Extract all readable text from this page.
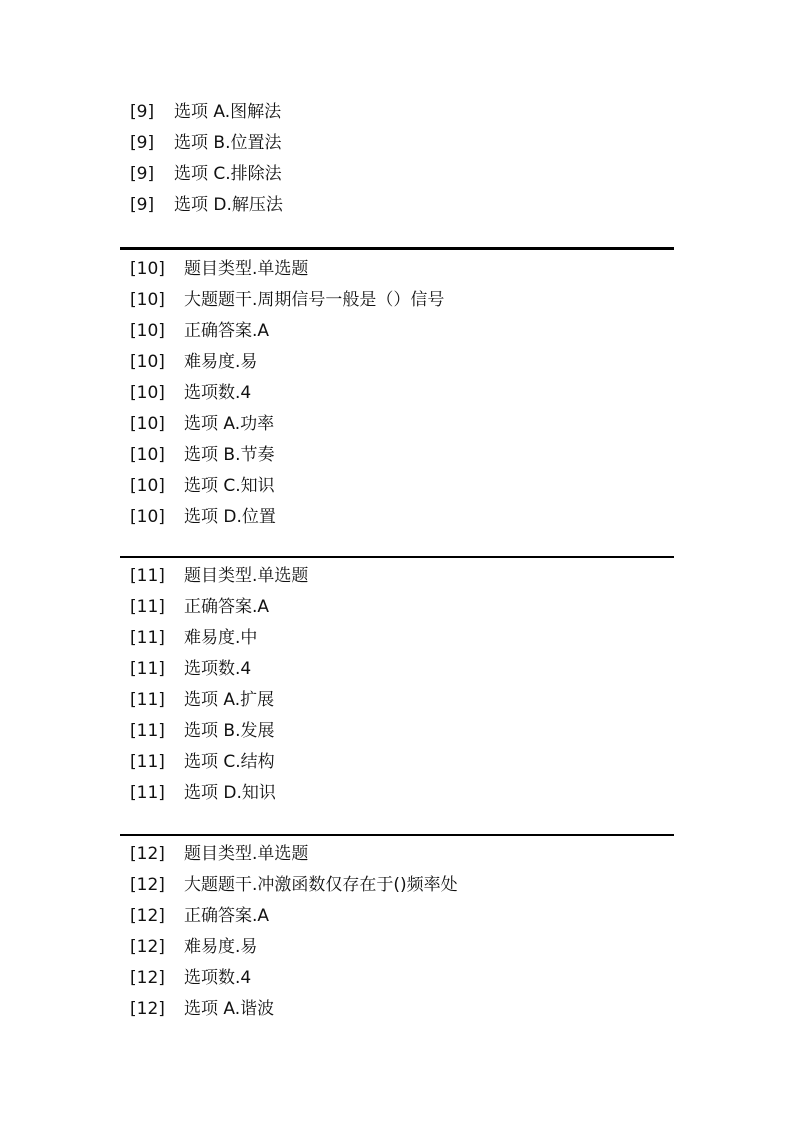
[9] 选项 A.图解法
[9] 选项 B.位置法
[9] 选项 C.排除法
[9] 选项 D.解压法
[10] 题目类型.单选题
[10] 大题题干.周期信号一般是（）信号
[10] 正确答案.A
[10] 难易度.易
[10] 选项数.4
[10] 选项 A.功率
[10] 选项 B.节奏
[10] 选项 C.知识
[10] 选项 D.位置
[11] 题目类型.单选题
[11] 正确答案.A
[11] 难易度.中
[11] 选项数.4
[11] 选项 A.扩展
[11] 选项 B.发展
[11] 选项 C.结构
[11] 选项 D.知识
[12] 题目类型.单选题
[12] 大题题干.冲激函数仅存在于()频率处
[12] 正确答案.A
[12] 难易度.易
[12] 选项数.4
[12] 选项 A.谐波
